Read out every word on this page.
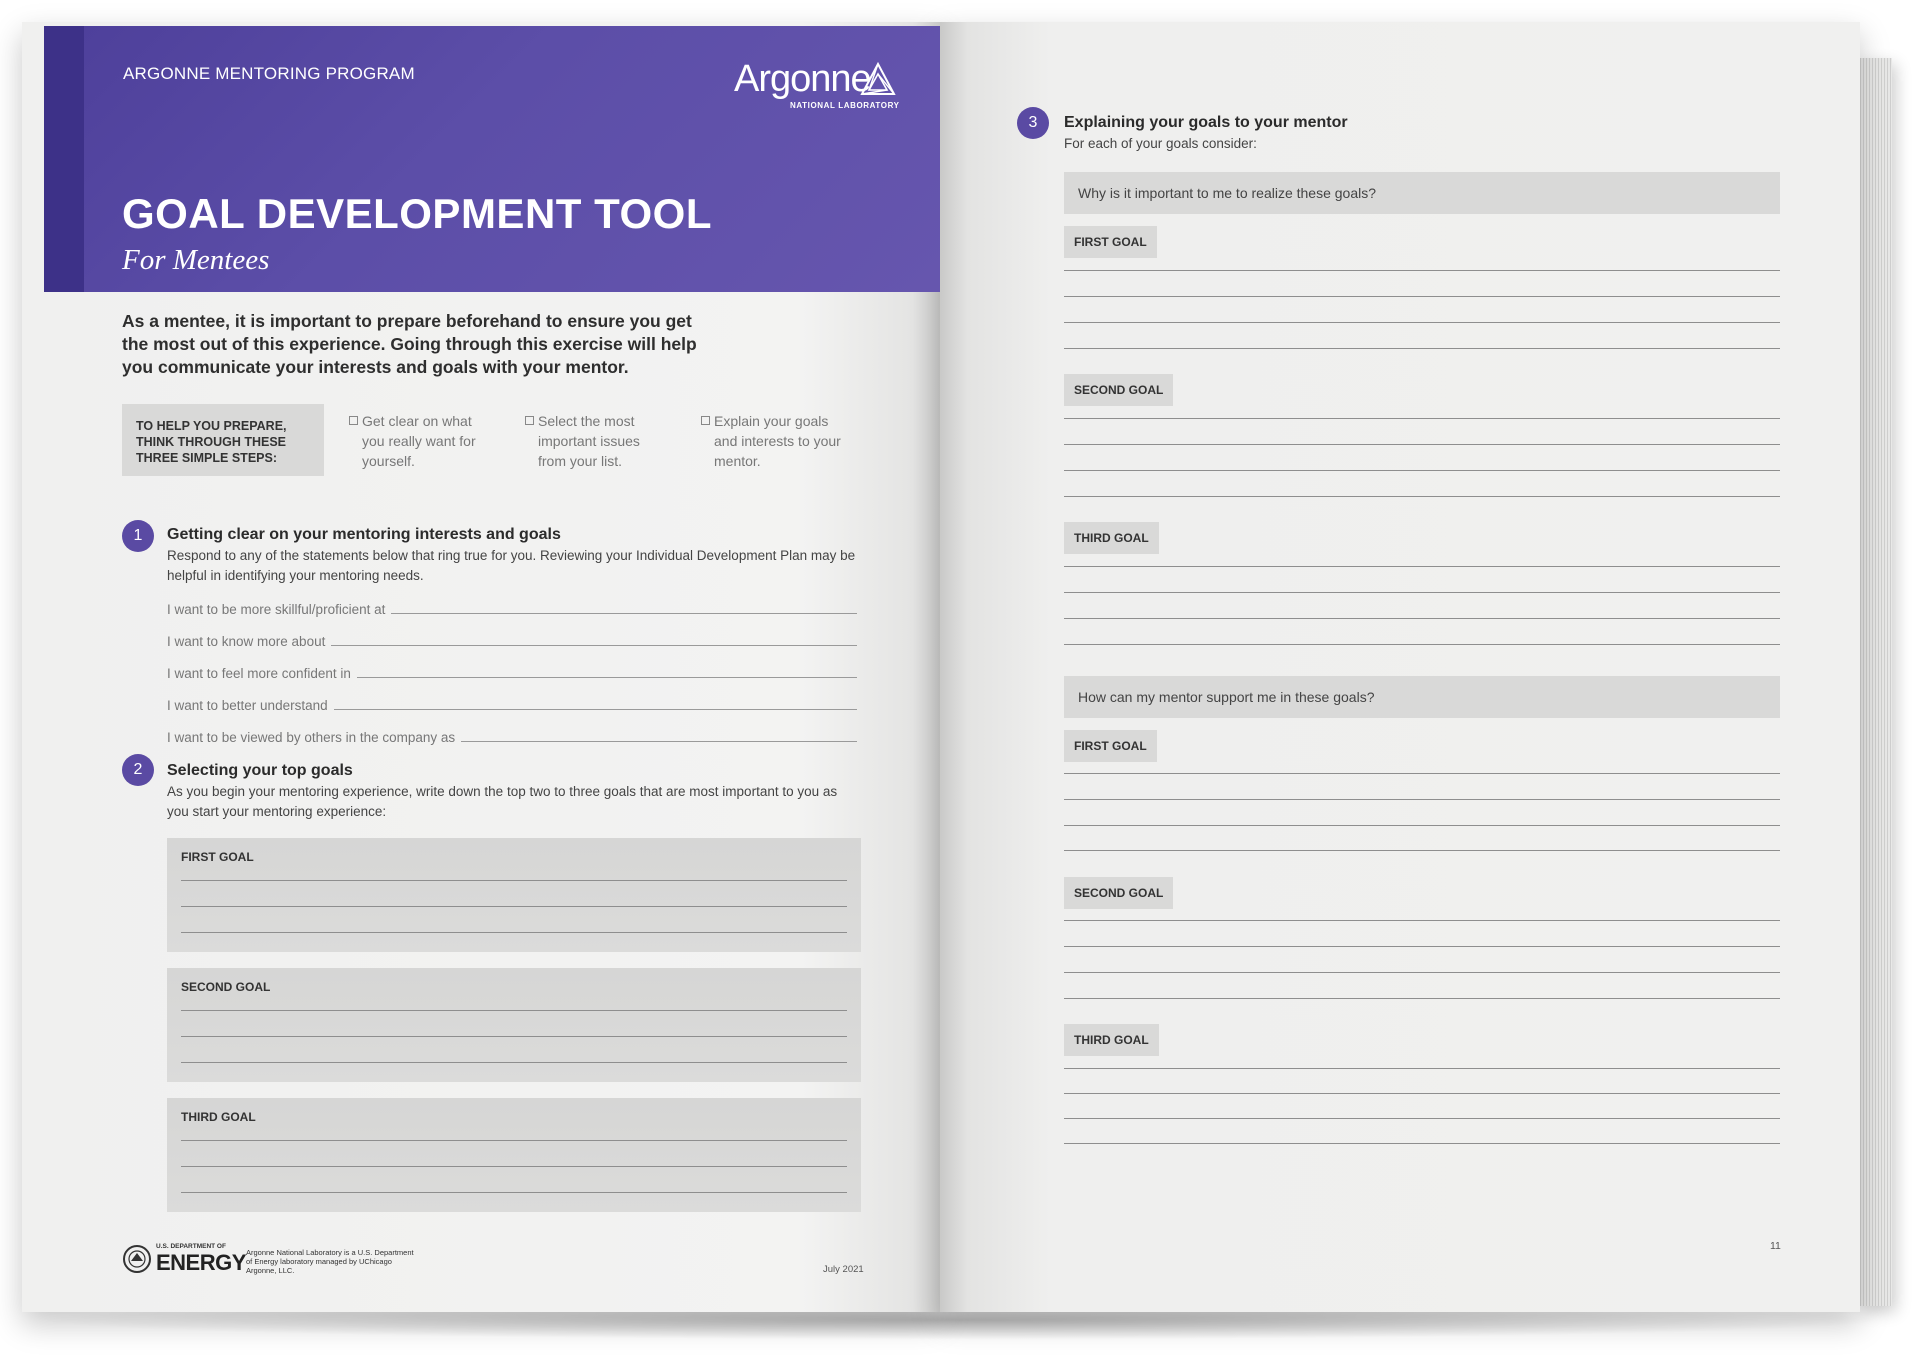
ARGONNE MENTORING PROGRAM	Argonne
NATIONAL LABORATORY
GOAL DEVELOPMENT TOOL
For Mentees
As a mentee, it is important to prepare beforehand to ensure you get the most out of this experience. Going through this exercise will help you communicate your interests and goals with your mentor.
TO HELP YOU PREPARE, THINK THROUGH THESE THREE SIMPLE STEPS:
Get clear on what you really want for yourself.
Select the most important issues from your list.
Explain your goals and interests to your mentor.
1	Getting clear on your mentoring interests and goals
Respond to any of the statements below that ring true for you. Reviewing your Individual Development Plan may be helpful in identifying your mentoring needs.
I want to be more skillful/proficient at
I want to know more about
I want to feel more confident in
I want to better understand
I want to be viewed by others in the company as
2	Selecting your top goals
As you begin your mentoring experience, write down the top two to three goals that are most important to you as you start your mentoring experience:
FIRST GOAL
SECOND GOAL
THIRD GOAL
U.S. DEPARTMENT OF
ENERGY Argonne National Laboratory is a U.S. Department of Energy laboratory managed by UChicago Argonne, LLC.	July 2021
3	Explaining your goals to your mentor
For each of your goals consider:
Why is it important to me to realize these goals?
FIRST GOAL
SECOND GOAL
THIRD GOAL
How can my mentor support me in these goals?
FIRST GOAL
SECOND GOAL
THIRD GOAL
11
